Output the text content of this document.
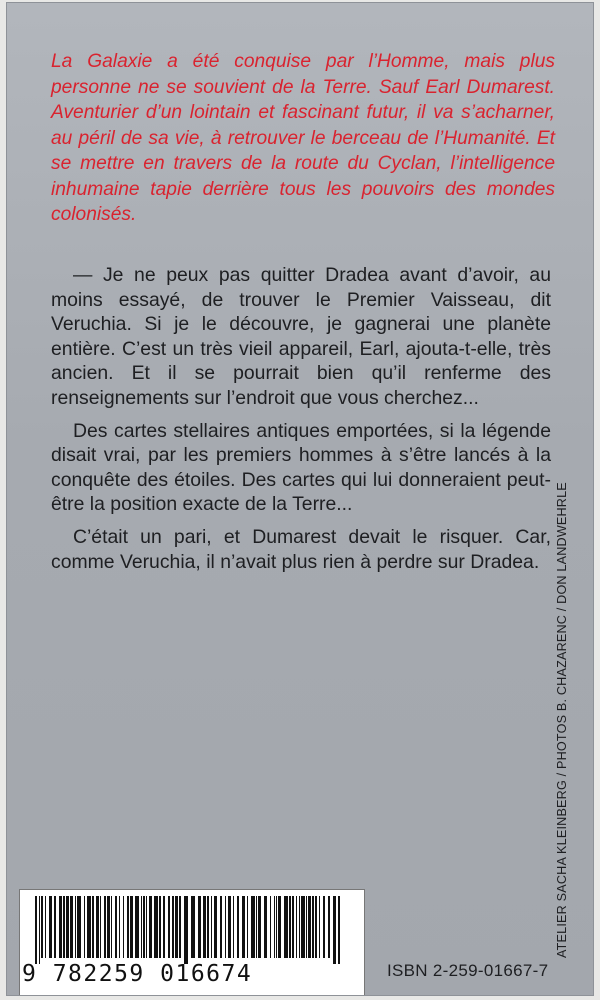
La Galaxie a été conquise par l’Homme, mais plus personne ne se souvient de la Terre. Sauf Earl Dumarest. Aventurier d’un lointain et fascinant futur, il va s’acharner, au péril de sa vie, à retrouver le berceau de l’Humanité. Et se mettre en travers de la route du Cyclan, l’intelligence inhumaine tapie derrière tous les pouvoirs des mondes colonisés.

— Je ne peux pas quitter Dradea avant d’avoir, au moins essayé, de trouver le Premier Vaisseau, dit Veruchia. Si je le découvre, je gagnerai une planète entière. C’est un très vieil appareil, Earl, ajouta-t-elle, très ancien. Et il se pourrait bien qu’il renferme des renseignements sur l’endroit que vous cherchez...

Des cartes stellaires antiques emportées, si la légende disait vrai, par les premiers hommes à s’être lancés à la conquête des étoiles. Des cartes qui lui donneraient peut-être la position exacte de la Terre...

C’était un pari, et Dumarest devait le risquer. Car, comme Veruchia, il n’avait plus rien à perdre sur Dradea.	ATELIER SACHA KLEINBERG / PHOTOS B. CHAZARENC / DON LANDWEHRLE
9 782259 016674	ISBN 2-259-01667-7
